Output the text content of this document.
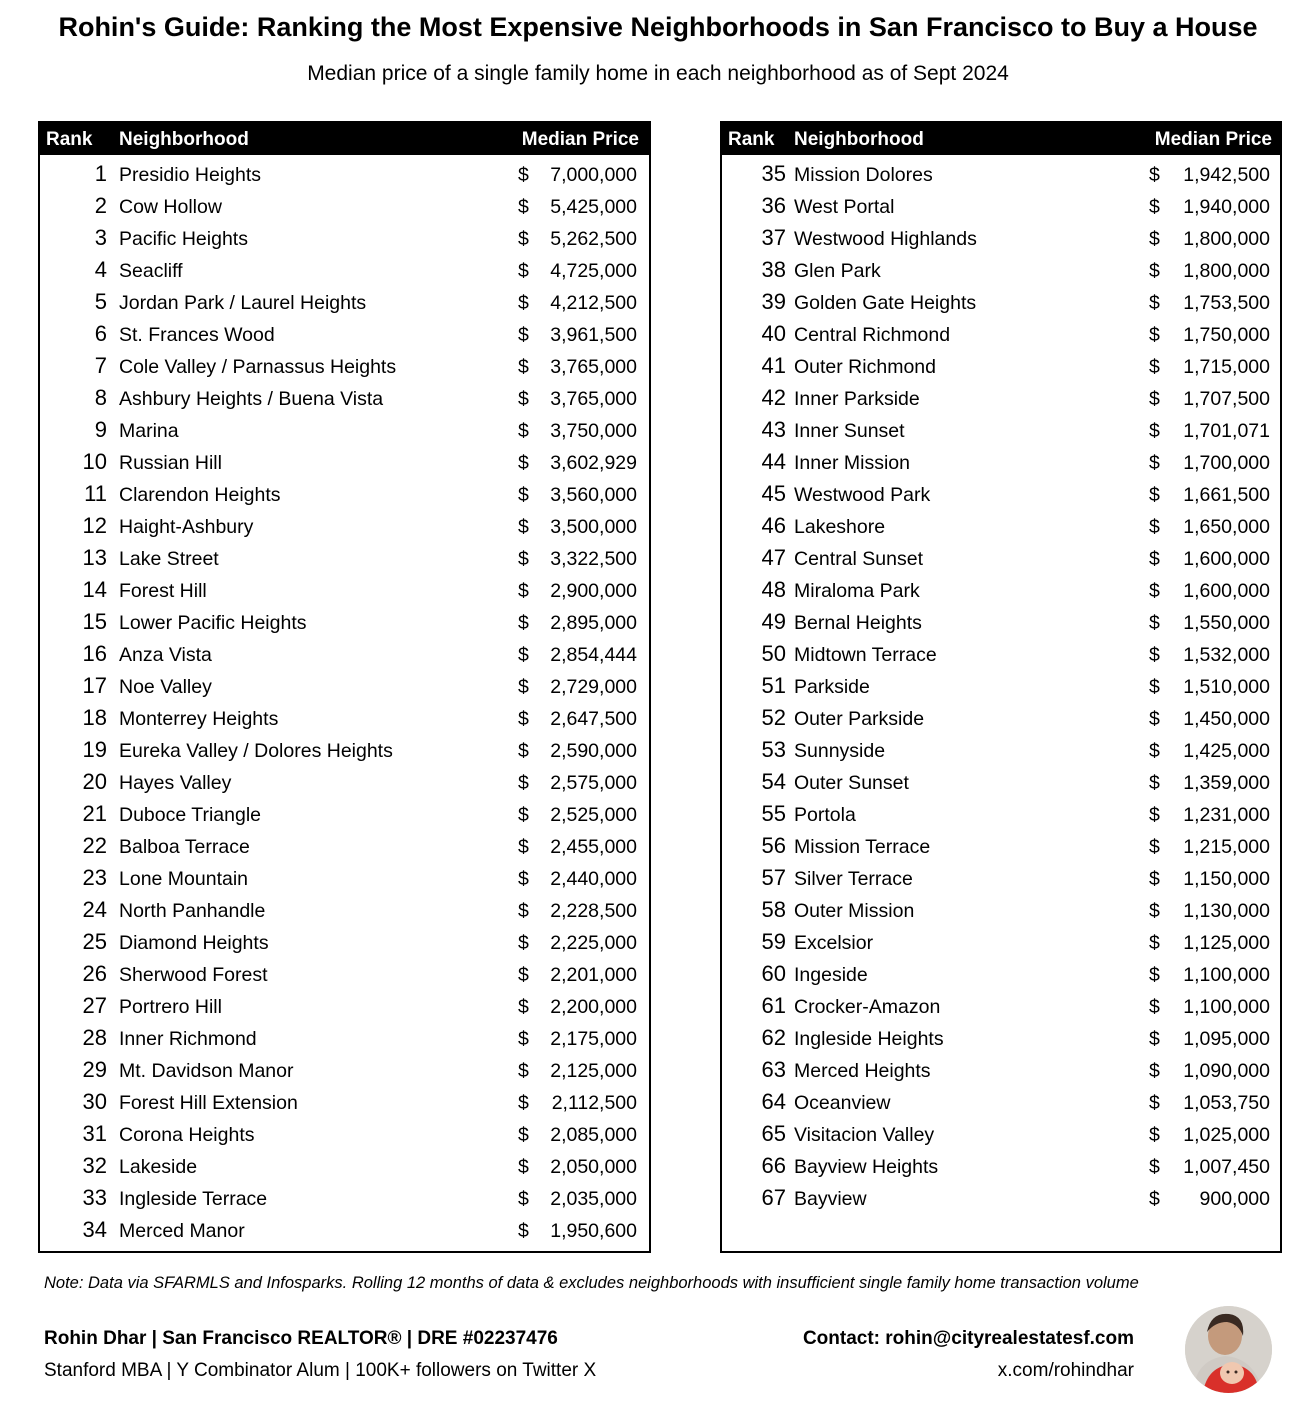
Rohin's Guide: Ranking the Most Expensive Neighborhoods in San Francisco to Buy a House
Median price of a single family home in each neighborhood as of Sept 2024
Rank Neighborhood	Median Price
1 Presidio Heights	$ 7,000,000
2 Cow Hollow	$ 5,425,000
3 Pacific Heights	$ 5,262,500
4 Seacliff	$ 4,725,000
5 Jordan Park / Laurel Heights	$ 4,212,500
6 St. Frances Wood	$ 3,961,500
7 Cole Valley / Parnassus Heights	$ 3,765,000
8 Ashbury Heights / Buena Vista	$ 3,765,000
9 Marina	$ 3,750,000
10 Russian Hill	$ 3,602,929
11 Clarendon Heights	$ 3,560,000
12 Haight-Ashbury	$ 3,500,000
13 Lake Street	$ 3,322,500
14 Forest Hill	$ 2,900,000
15 Lower Pacific Heights	$ 2,895,000
16 Anza Vista	$ 2,854,444
17 Noe Valley	$ 2,729,000
18 Monterrey Heights	$ 2,647,500
19 Eureka Valley / Dolores Heights	$ 2,590,000
20 Hayes Valley	$ 2,575,000
21 Duboce Triangle	$ 2,525,000
22 Balboa Terrace	$ 2,455,000
23 Lone Mountain	$ 2,440,000
24 North Panhandle	$ 2,228,500
25 Diamond Heights	$ 2,225,000
26 Sherwood Forest	$ 2,201,000
27 Portrero Hill	$ 2,200,000
28 Inner Richmond	$ 2,175,000
29 Mt. Davidson Manor	$ 2,125,000
30 Forest Hill Extension	$ 2,112,500
31 Corona Heights	$ 2,085,000
32 Lakeside	$ 2,050,000
33 Ingleside Terrace	$ 2,035,000
34 Merced Manor	$ 1,950,600
Rank Neighborhood	Median Price
35 Mission Dolores	$ 1,942,500
36 West Portal	$ 1,940,000
37 Westwood Highlands	$ 1,800,000
38 Glen Park	$ 1,800,000
39 Golden Gate Heights	$ 1,753,500
40 Central Richmond	$ 1,750,000
41 Outer Richmond	$ 1,715,000
42 Inner Parkside	$ 1,707,500
43 Inner Sunset	$ 1,701,071
44 Inner Mission	$ 1,700,000
45 Westwood Park	$ 1,661,500
46 Lakeshore	$ 1,650,000
47 Central Sunset	$ 1,600,000
48 Miraloma Park	$ 1,600,000
49 Bernal Heights	$ 1,550,000
50 Midtown Terrace	$ 1,532,000
51 Parkside	$ 1,510,000
52 Outer Parkside	$ 1,450,000
53 Sunnyside	$ 1,425,000
54 Outer Sunset	$ 1,359,000
55 Portola	$ 1,231,000
56 Mission Terrace	$ 1,215,000
57 Silver Terrace	$ 1,150,000
58 Outer Mission	$ 1,130,000
59 Excelsior	$ 1,125,000
60 Ingeside	$ 1,100,000
61 Crocker-Amazon	$ 1,100,000
62 Ingleside Heights	$ 1,095,000
63 Merced Heights	$ 1,090,000
64 Oceanview	$ 1,053,750
65 Visitacion Valley	$ 1,025,000
66 Bayview Heights	$ 1,007,450
67 Bayview	$ 900,000
Note: Data via SFARMLS and Infosparks. Rolling 12 months of data & excludes neighborhoods with insufficient single family home transaction volume
Rohin Dhar | San Francisco REALTOR® | DRE #02237476
Stanford MBA | Y Combinator Alum | 100K+ followers on Twitter X
Contact: rohin@cityrealestatesf.com
x.com/rohindhar
